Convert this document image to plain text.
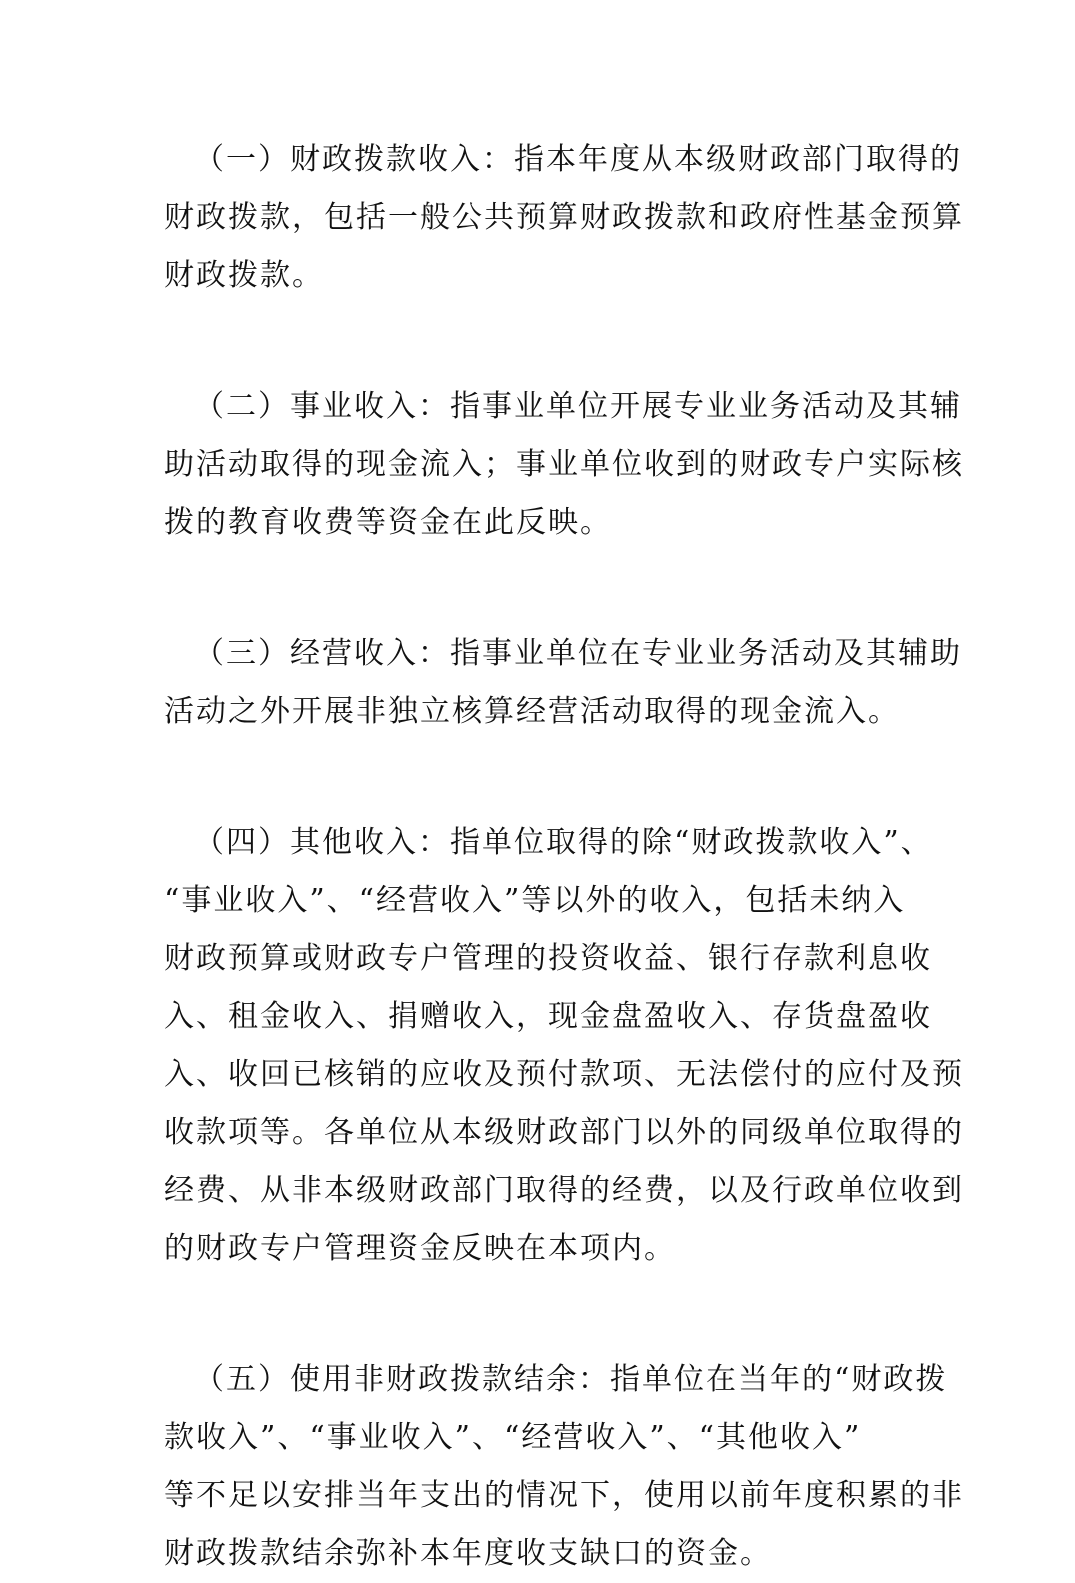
（一）财政拨款收入：指本年度从本级财政部门取得的
财政拨款，包括一般公共预算财政拨款和政府性基金预算
财政拨款。
（二）事业收入：指事业单位开展专业业务活动及其辅
助活动取得的现金流入；事业单位收到的财政专户实际核
拨的教育收费等资金在此反映。
（三）经营收入：指事业单位在专业业务活动及其辅助
活动之外开展非独立核算经营活动取得的现金流入。
（四）其他收入：指单位取得的除“财政拨款收入”、
“事业收入”、“经营收入”等以外的收入，包括未纳入
财政预算或财政专户管理的投资收益、银行存款利息收
入、租金收入、捐赠收入，现金盘盈收入、存货盘盈收
入、收回已核销的应收及预付款项、无法偿付的应付及预
收款项等。各单位从本级财政部门以外的同级单位取得的
经费、从非本级财政部门取得的经费，以及行政单位收到
的财政专户管理资金反映在本项内。
（五）使用非财政拨款结余：指单位在当年的“财政拨
款收入”、“事业收入”、“经营收入”、“其他收入”
等不足以安排当年支出的情况下，使用以前年度积累的非
财政拨款结余弥补本年度收支缺口的资金。
